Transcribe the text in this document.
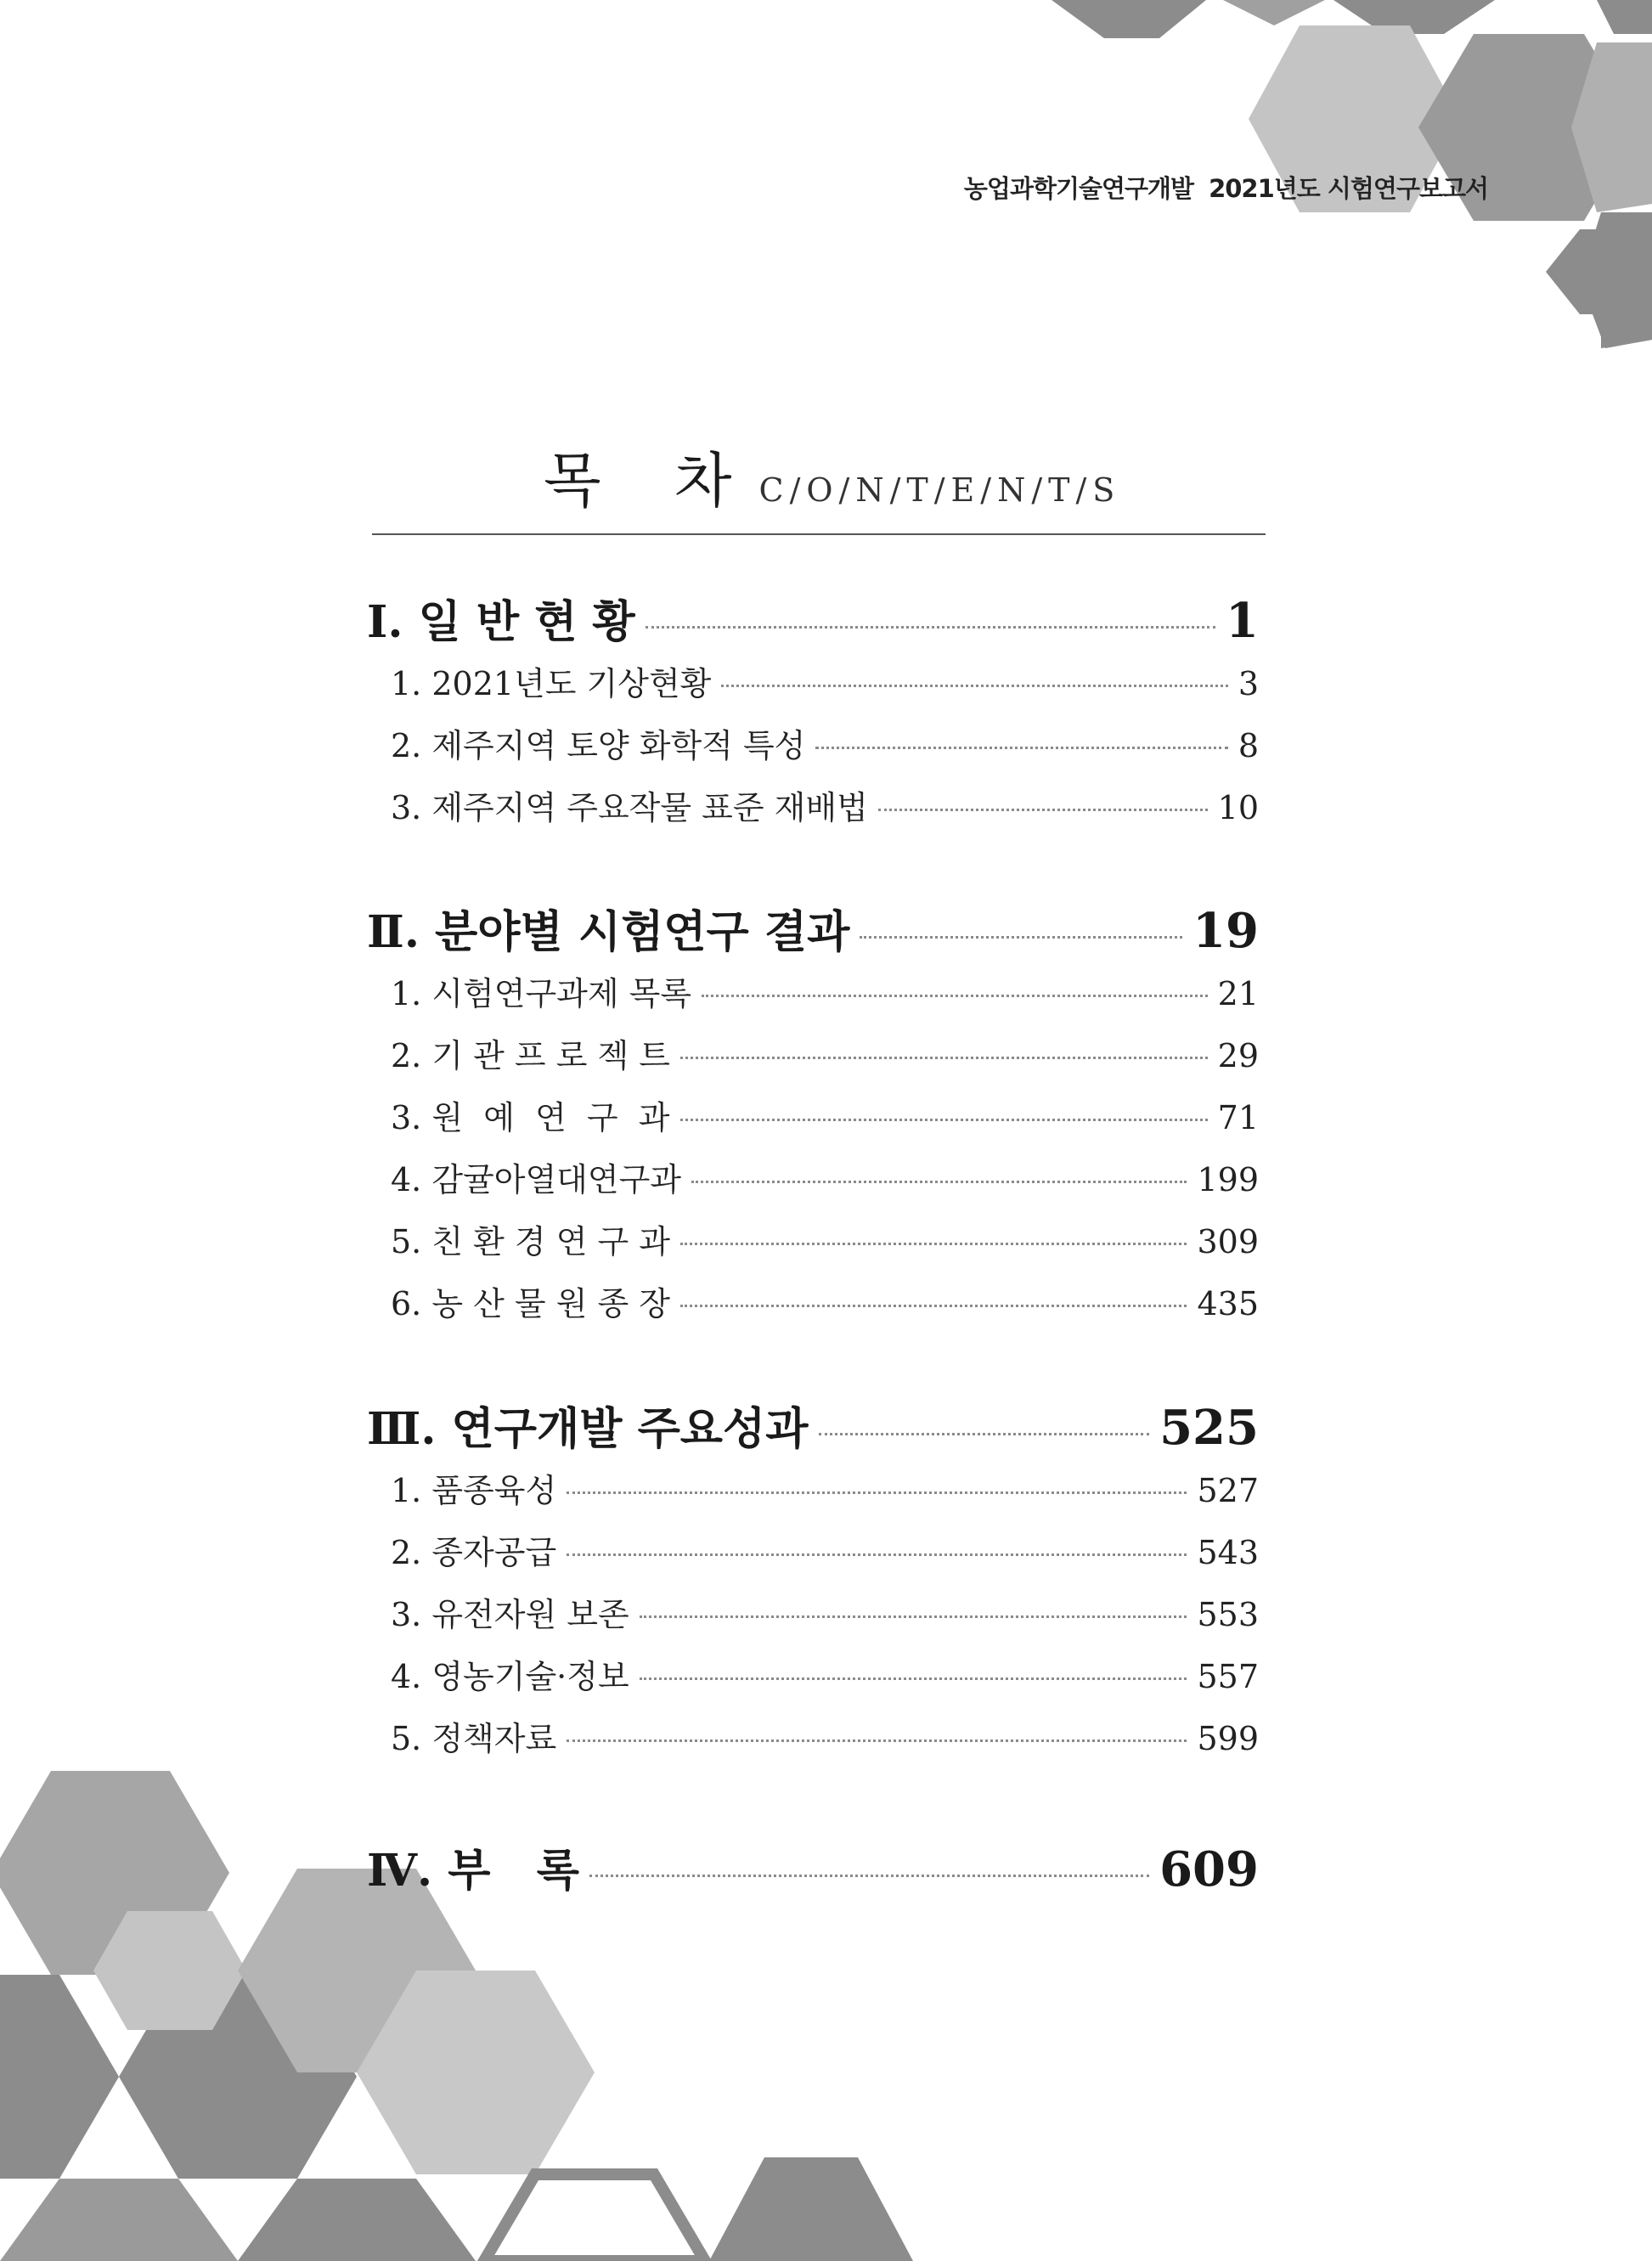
농업과학기술연구개발 2021년도 시험연구보고서
목 차 C/O/N/T/E/N/T/S
Ⅰ. 일 반 현 황	1
1. 2021년도 기상현황	3
2. 제주지역 토양 화학적 특성	8
3. 제주지역 주요작물 표준 재배법	10
Ⅱ. 분야별 시험연구 결과	19
1. 시험연구과제 목록	21
2. 기 관 프 로 젝 트	29
3. 원  예  연  구  과	71
4. 감귤아열대연구과	199
5. 친 환 경 연 구 과	309
6. 농 산 물 원 종 장	435
Ⅲ. 연구개발 주요성과	525
1. 품종육성	527
2. 종자공급	543
3. 유전자원 보존	553
4. 영농기술·정보	557
5. 정책자료	599
Ⅳ. 부   록	609
